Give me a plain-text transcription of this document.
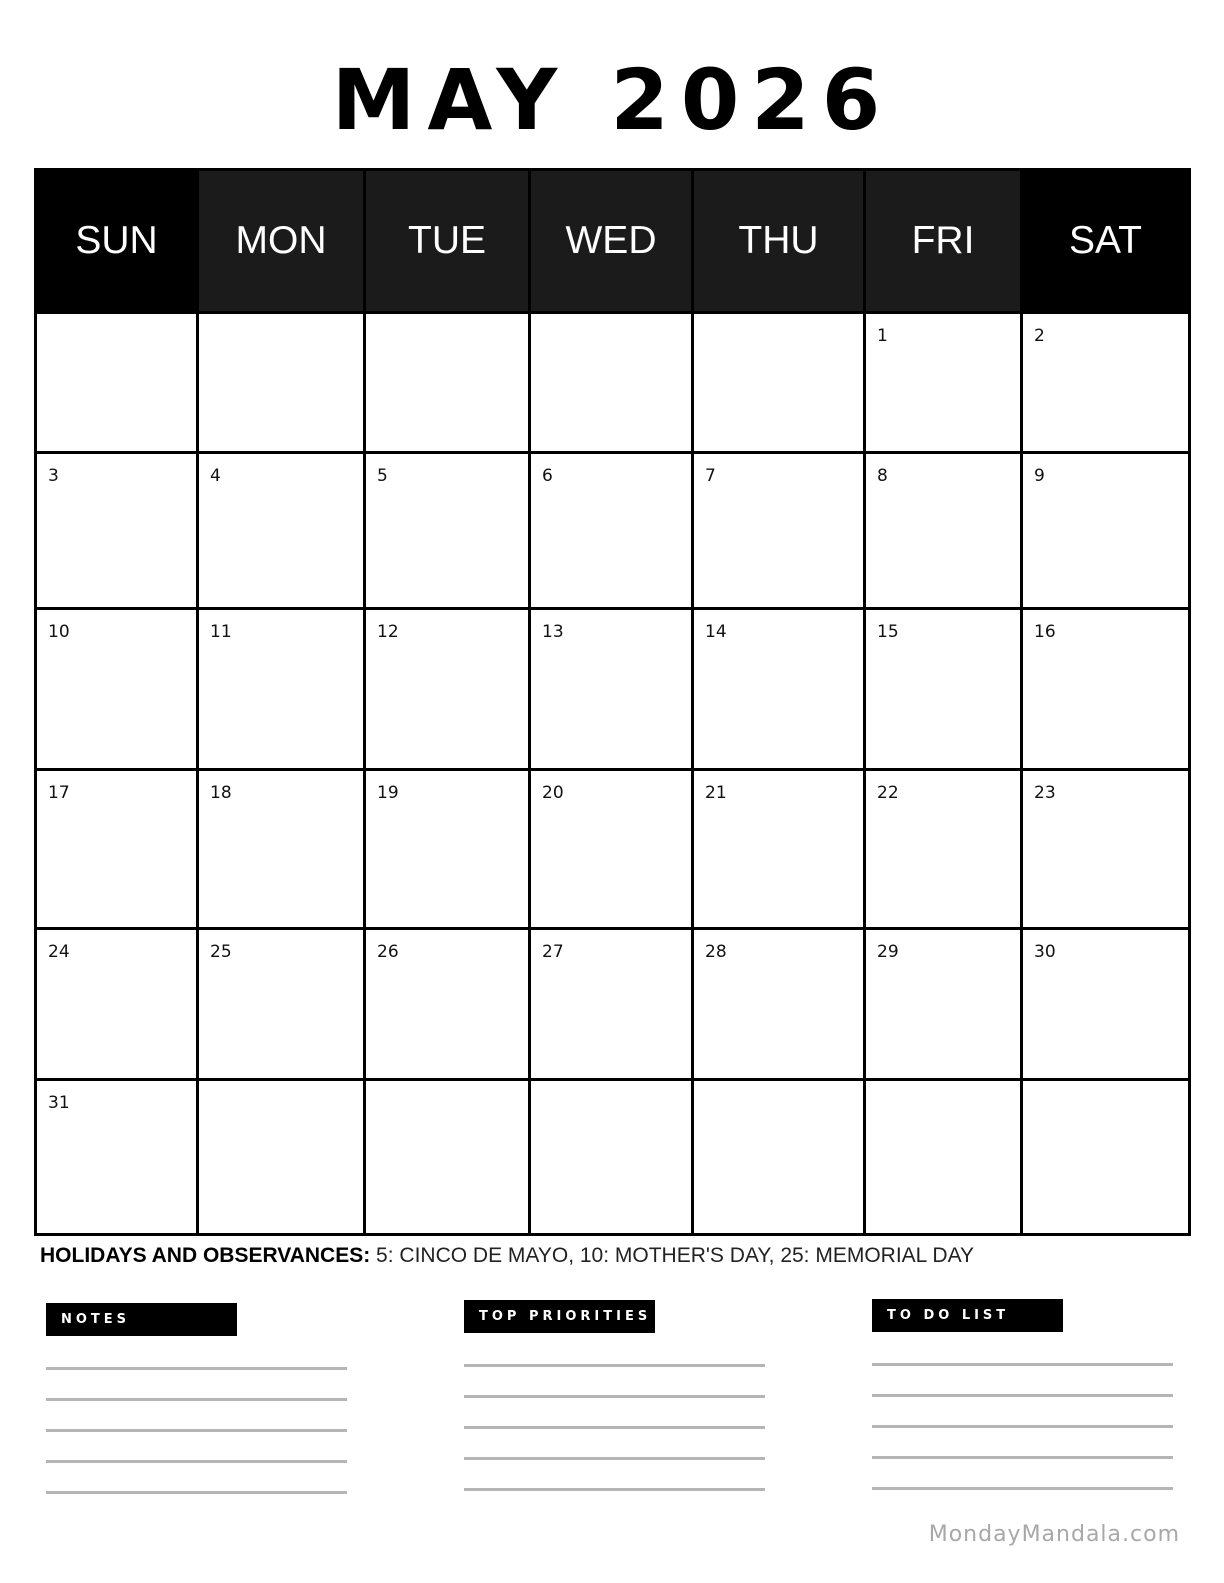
MAY 2026
SUN	MON	TUE	WED	THU	FRI	SAT

					1	2

3	4	5	6	7	8	9

10	11	12	13	14	15	16

17	18	19	20	21	22	23

24	25	26	27	28	29	30

31						

HOLIDAYS AND OBSERVANCES: 5: CINCO DE MAYO, 10: MOTHER'S DAY, 25: MEMORIAL DAY
NOTES	TOP PRIORITIES	TO DO LIST
MondayMandala.com
